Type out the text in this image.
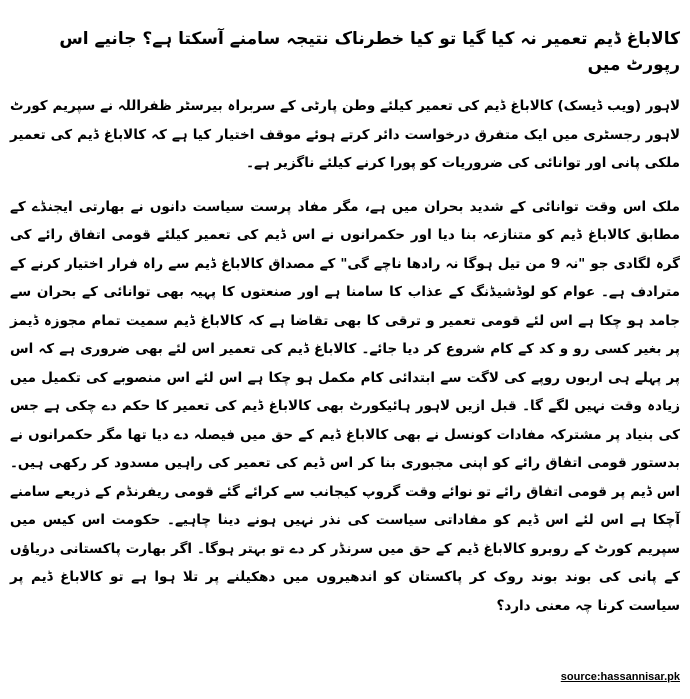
کالاباغ ڈیم تعمیر نہ کیا گیا تو کیا خطرناک نتیجہ سامنے آسکتا ہے؟ جانیے اس رپورٹ میں

لاہور (ویب ڈیسک) کالاباغ ڈیم کی تعمیر کیلئے وطن پارٹی کے سربراہ بیرسٹر ظفراللہ نے سپریم کورٹ لاہور رجسٹری میں ایک متفرق درخواست دائر کرتے ہوئے موقف اختیار کیا ہے کہ کالاباغ ڈیم کی تعمیر ملکی پانی اور توانائی کی ضروریات کو پورا کرنے کیلئے ناگزیر ہے۔

ملک اس وقت توانائی کے شدید بحران میں ہے، مگر مفاد پرست سیاست دانوں نے بھارتی ایجنڈے کے مطابق کالاباغ ڈیم کو متنازعہ بنا دیا اور حکمرانوں نے اس ڈیم کی تعمیر کیلئے قومی اتفاق رائے کی گرہ لگادی جو "نہ 9 من تیل ہوگا نہ رادھا ناچے گی" کے مصداق کالاباغ ڈیم سے راہ فرار اختیار کرنے کے مترادف ہے۔ عوام کو لوڈشیڈنگ کے عذاب کا سامنا ہے اور صنعتوں کا پہیہ بھی توانائی کے بحران سے جامد ہو چکا ہے اس لئے قومی تعمیر و ترقی کا بھی تقاضا ہے کہ کالاباغ ڈیم سمیت تمام مجوزہ ڈیمز پر بغیر کسی رو و کد کے کام شروع کر دیا جائے۔ کالاباغ ڈیم کی تعمیر اس لئے بھی ضروری ہے کہ اس پر پہلے ہی اربوں روپے کی لاگت سے ابتدائی کام مکمل ہو چکا ہے اس لئے اس منصوبے کی تکمیل میں زیادہ وقت نہیں لگے گا۔ قبل ازیں لاہور ہائیکورٹ بھی کالاباغ ڈیم کی تعمیر کا حکم دے چکی ہے جس کی بنیاد پر مشترکہ مفادات کونسل نے بھی کالاباغ ڈیم کے حق میں فیصلہ دے دیا تھا مگر حکمرانوں نے بدستور قومی اتفاق رائے کو اپنی مجبوری بنا کر اس ڈیم کی تعمیر کی راہیں مسدود کر رکھی ہیں۔ اس ڈیم پر قومی اتفاق رائے تو نوائے وقت گروپ کیجانب سے کرائے گئے قومی ریفرنڈم کے ذریعے سامنے آچکا ہے اس لئے اس ڈیم کو مفاداتی سیاست کی نذر نہیں ہونے دینا چاہیے۔ حکومت اس کیس میں سپریم کورٹ کے روبرو کالاباغ ڈیم کے حق میں سرنڈر کر دے تو بہتر ہوگا۔ اگر بھارت پاکستانی دریاؤں کے پانی کی بوند بوند روک کر پاکستان کو اندھیروں میں دھکیلنے پر تلا ہوا ہے تو کالاباغ ڈیم پر سیاست کرنا چہ معنی دارد؟

source:hassannisar.pk
